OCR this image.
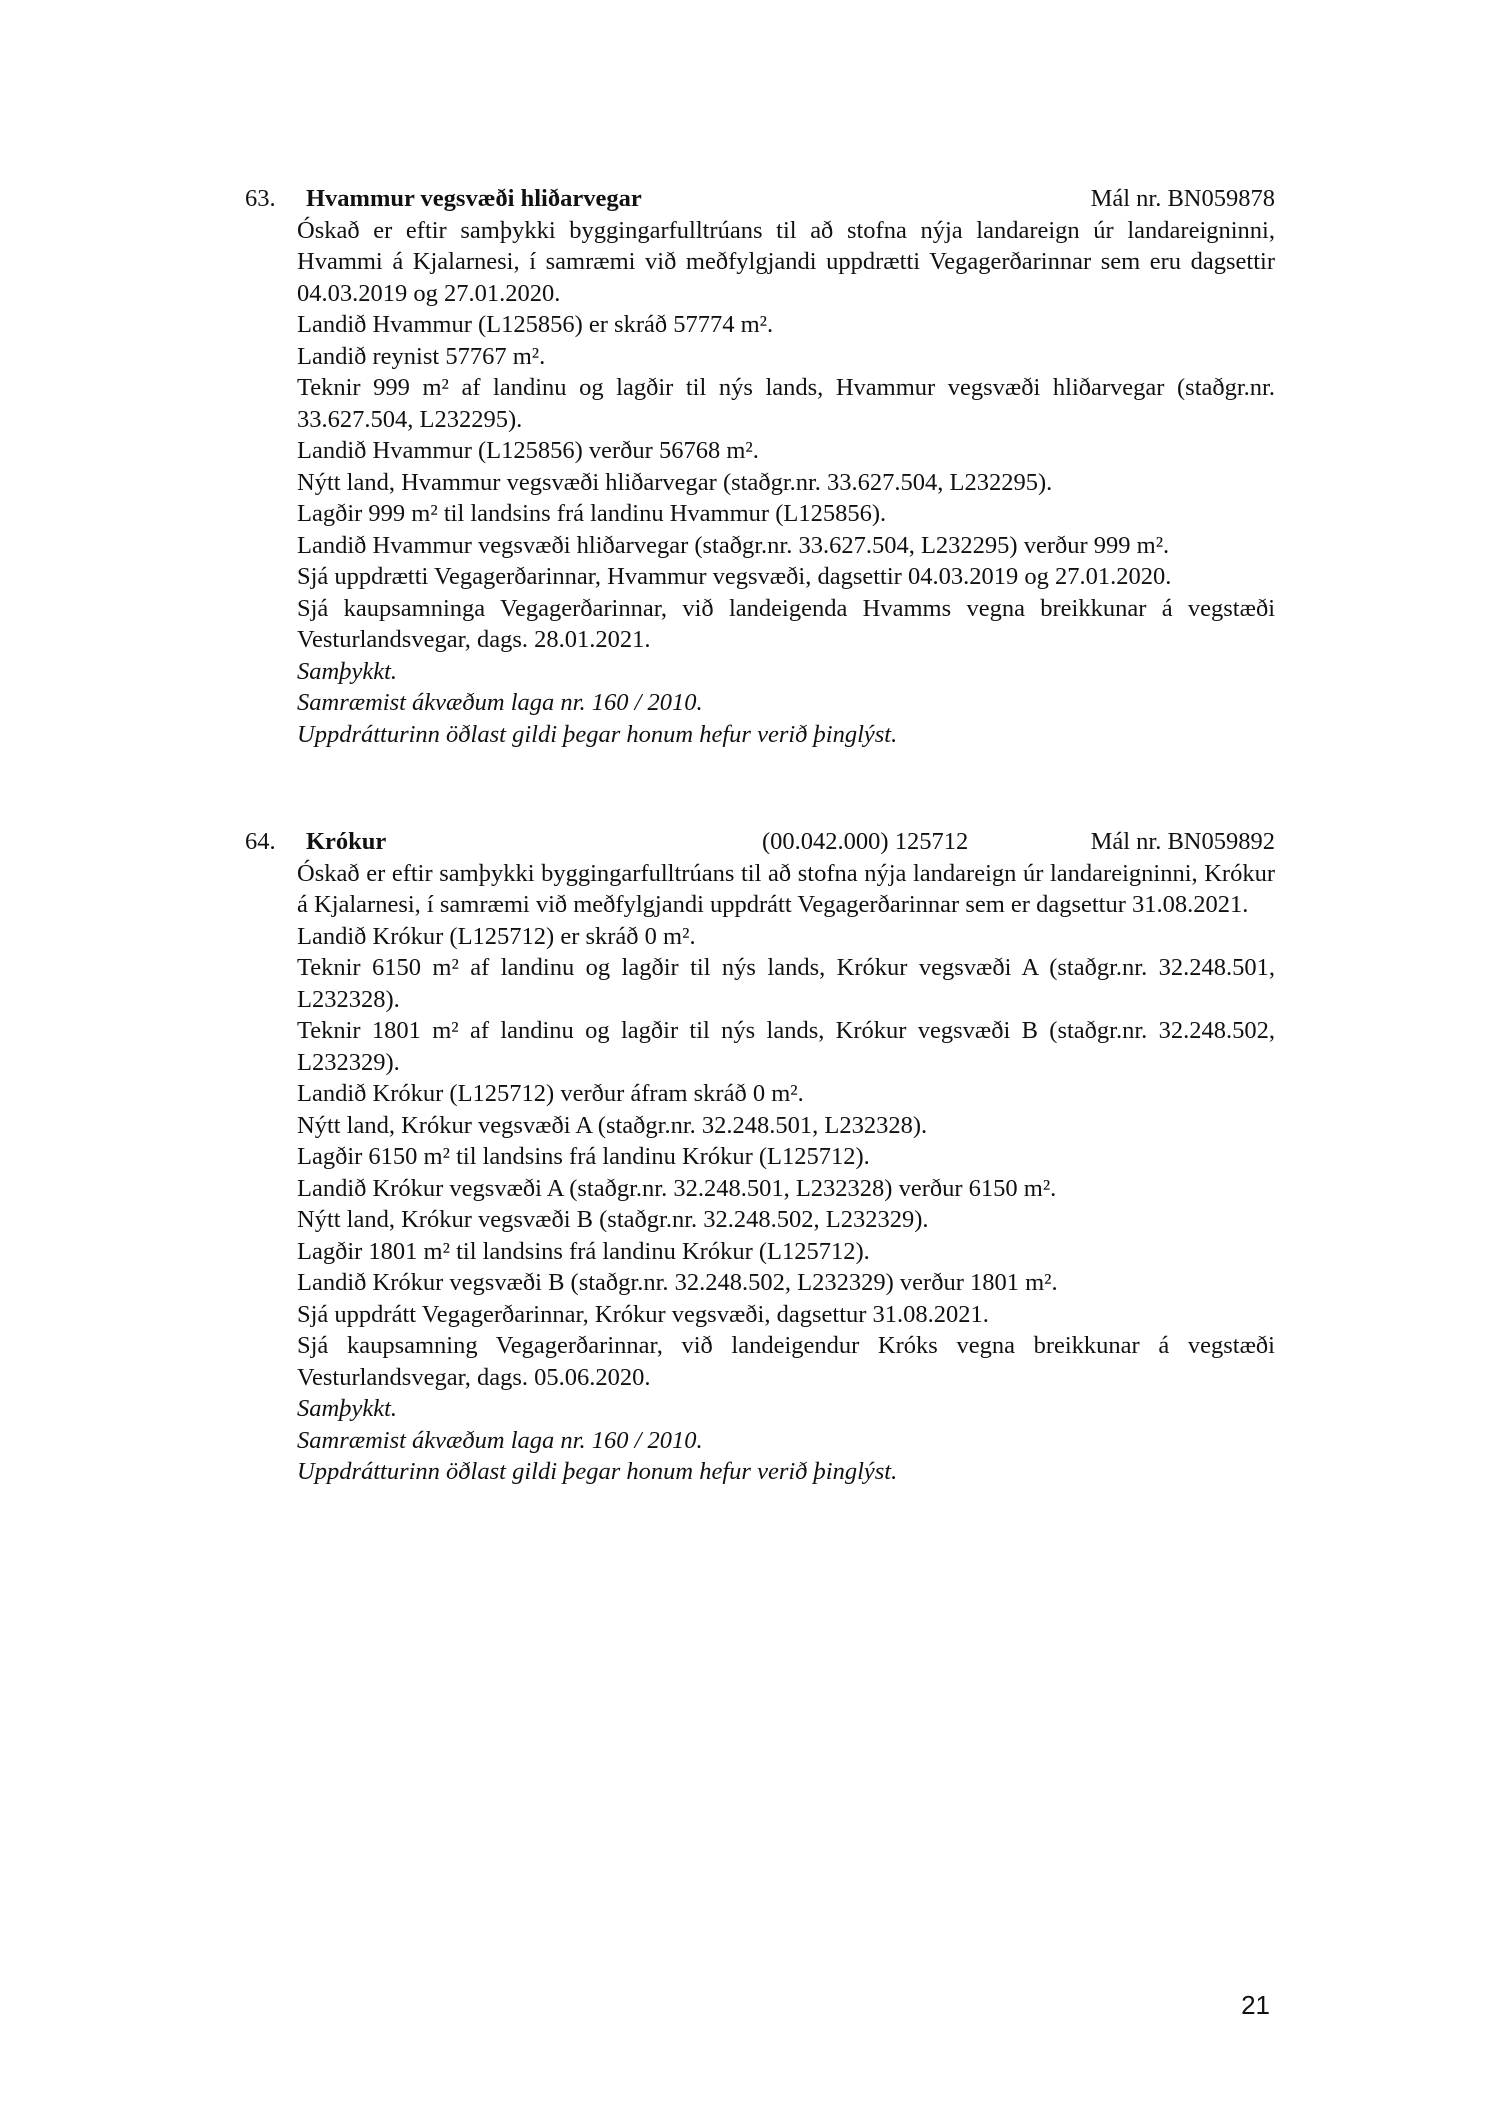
63. Hvammur vegsvæði hliðarvegar	Mál nr. BN059878

Óskað er eftir samþykki byggingarfulltrúans til að stofna nýja landareign úr landareigninni, Hvammi á Kjalarnesi, í samræmi við meðfylgjandi uppdrætti Vegagerðarinnar sem eru dagsettir 04.03.2019 og 27.01.2020.

Landið Hvammur (L125856) er skráð 57774 m².

Landið reynist 57767 m².

Teknir 999 m² af landinu og lagðir til nýs lands, Hvammur vegsvæði hliðarvegar (staðgr.nr. 33.627.504, L232295).

Landið Hvammur (L125856) verður 56768 m².

Nýtt land, Hvammur vegsvæði hliðarvegar (staðgr.nr. 33.627.504, L232295).

Lagðir 999 m² til landsins frá landinu Hvammur (L125856).

Landið Hvammur vegsvæði hliðarvegar (staðgr.nr. 33.627.504, L232295) verður 999 m².

Sjá uppdrætti Vegagerðarinnar, Hvammur vegsvæði, dagsettir 04.03.2019 og 27.01.2020.

Sjá kaupsamninga Vegagerðarinnar, við landeigenda Hvamms vegna breikkunar á vegstæði Vesturlandsvegar, dags. 28.01.2021.

Samþykkt.

Samræmist ákvæðum laga nr. 160 / 2010.

Uppdrátturinn öðlast gildi þegar honum hefur verið þinglýst.

64. Krókur	(00.042.000) 125712	Mál nr. BN059892

Óskað er eftir samþykki byggingarfulltrúans til að stofna nýja landareign úr landareigninni, Krókur á Kjalarnesi, í samræmi við meðfylgjandi uppdrátt Vegagerðarinnar sem er dagsettur 31.08.2021.

Landið Krókur (L125712) er skráð 0 m².

Teknir 6150 m² af landinu og lagðir til nýs lands, Krókur vegsvæði A (staðgr.nr. 32.248.501, L232328).

Teknir 1801 m² af landinu og lagðir til nýs lands, Krókur vegsvæði B (staðgr.nr. 32.248.502, L232329).

Landið Krókur (L125712) verður áfram skráð 0 m².

Nýtt land, Krókur vegsvæði A (staðgr.nr. 32.248.501, L232328).

Lagðir 6150 m² til landsins frá landinu Krókur (L125712).

Landið Krókur vegsvæði A (staðgr.nr. 32.248.501, L232328) verður 6150 m².

Nýtt land, Krókur vegsvæði B (staðgr.nr. 32.248.502, L232329).

Lagðir 1801 m² til landsins frá landinu Krókur (L125712).

Landið Krókur vegsvæði B (staðgr.nr. 32.248.502, L232329) verður 1801 m².

Sjá uppdrátt Vegagerðarinnar, Krókur vegsvæði, dagsettur 31.08.2021.

Sjá kaupsamning Vegagerðarinnar, við landeigendur Króks vegna breikkunar á vegstæði Vesturlandsvegar, dags. 05.06.2020.

Samþykkt.

Samræmist ákvæðum laga nr. 160 / 2010.

Uppdrátturinn öðlast gildi þegar honum hefur verið þinglýst.

21
